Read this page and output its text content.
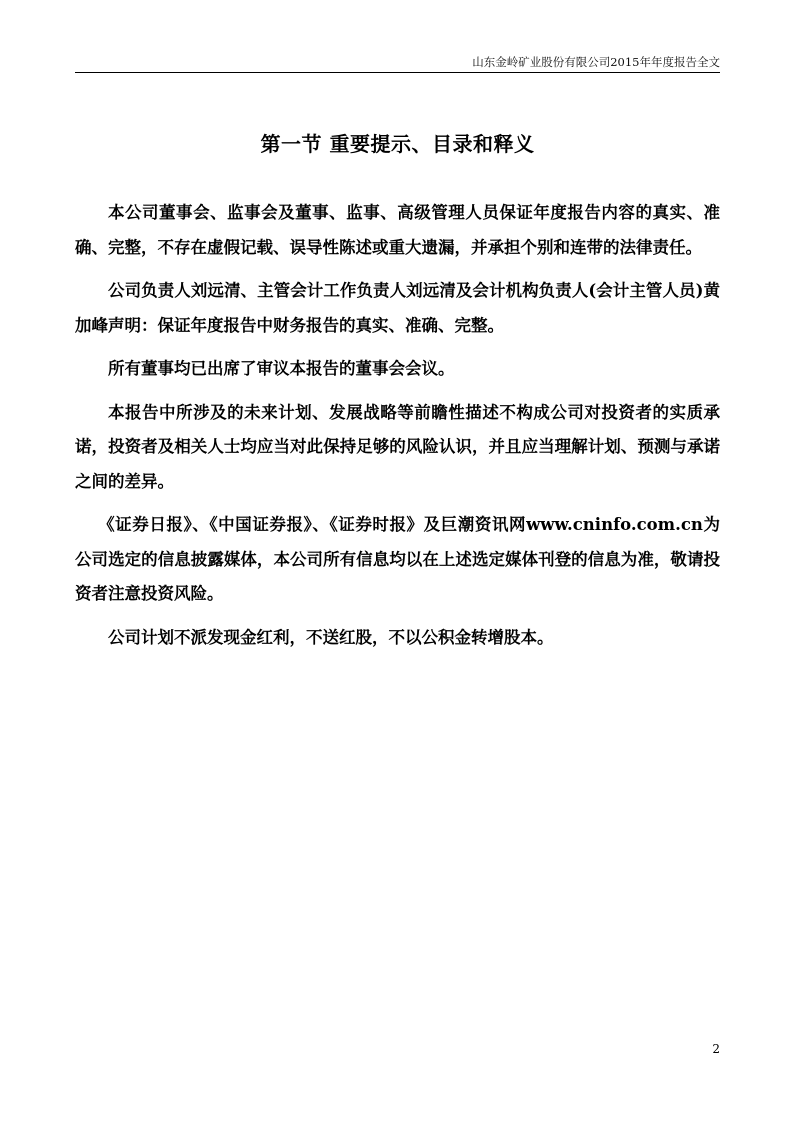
山东金岭矿业股份有限公司2015年年度报告全文
第一节 重要提示、目录和释义

本公司董事会、监事会及董事、监事、高级管理人员保证年度报告内容的真实、准确、完整，不存在虚假记载、误导性陈述或重大遗漏，并承担个别和连带的法律责任。

公司负责人刘远清、主管会计工作负责人刘远清及会计机构负责人(会计主管人员)黄加峰声明：保证年度报告中财务报告的真实、准确、完整。

所有董事均已出席了审议本报告的董事会会议。

本报告中所涉及的未来计划、发展战略等前瞻性描述不构成公司对投资者的实质承诺，投资者及相关人士均应当对此保持足够的风险认识，并且应当理解计划、预测与承诺之间的差异。

《证券日报》、《中国证券报》、《证券时报》及巨潮资讯网www.cninfo.com.cn为公司选定的信息披露媒体，本公司所有信息均以在上述选定媒体刊登的信息为准，敬请投资者注意投资风险。

公司计划不派发现金红利，不送红股，不以公积金转增股本。

2
